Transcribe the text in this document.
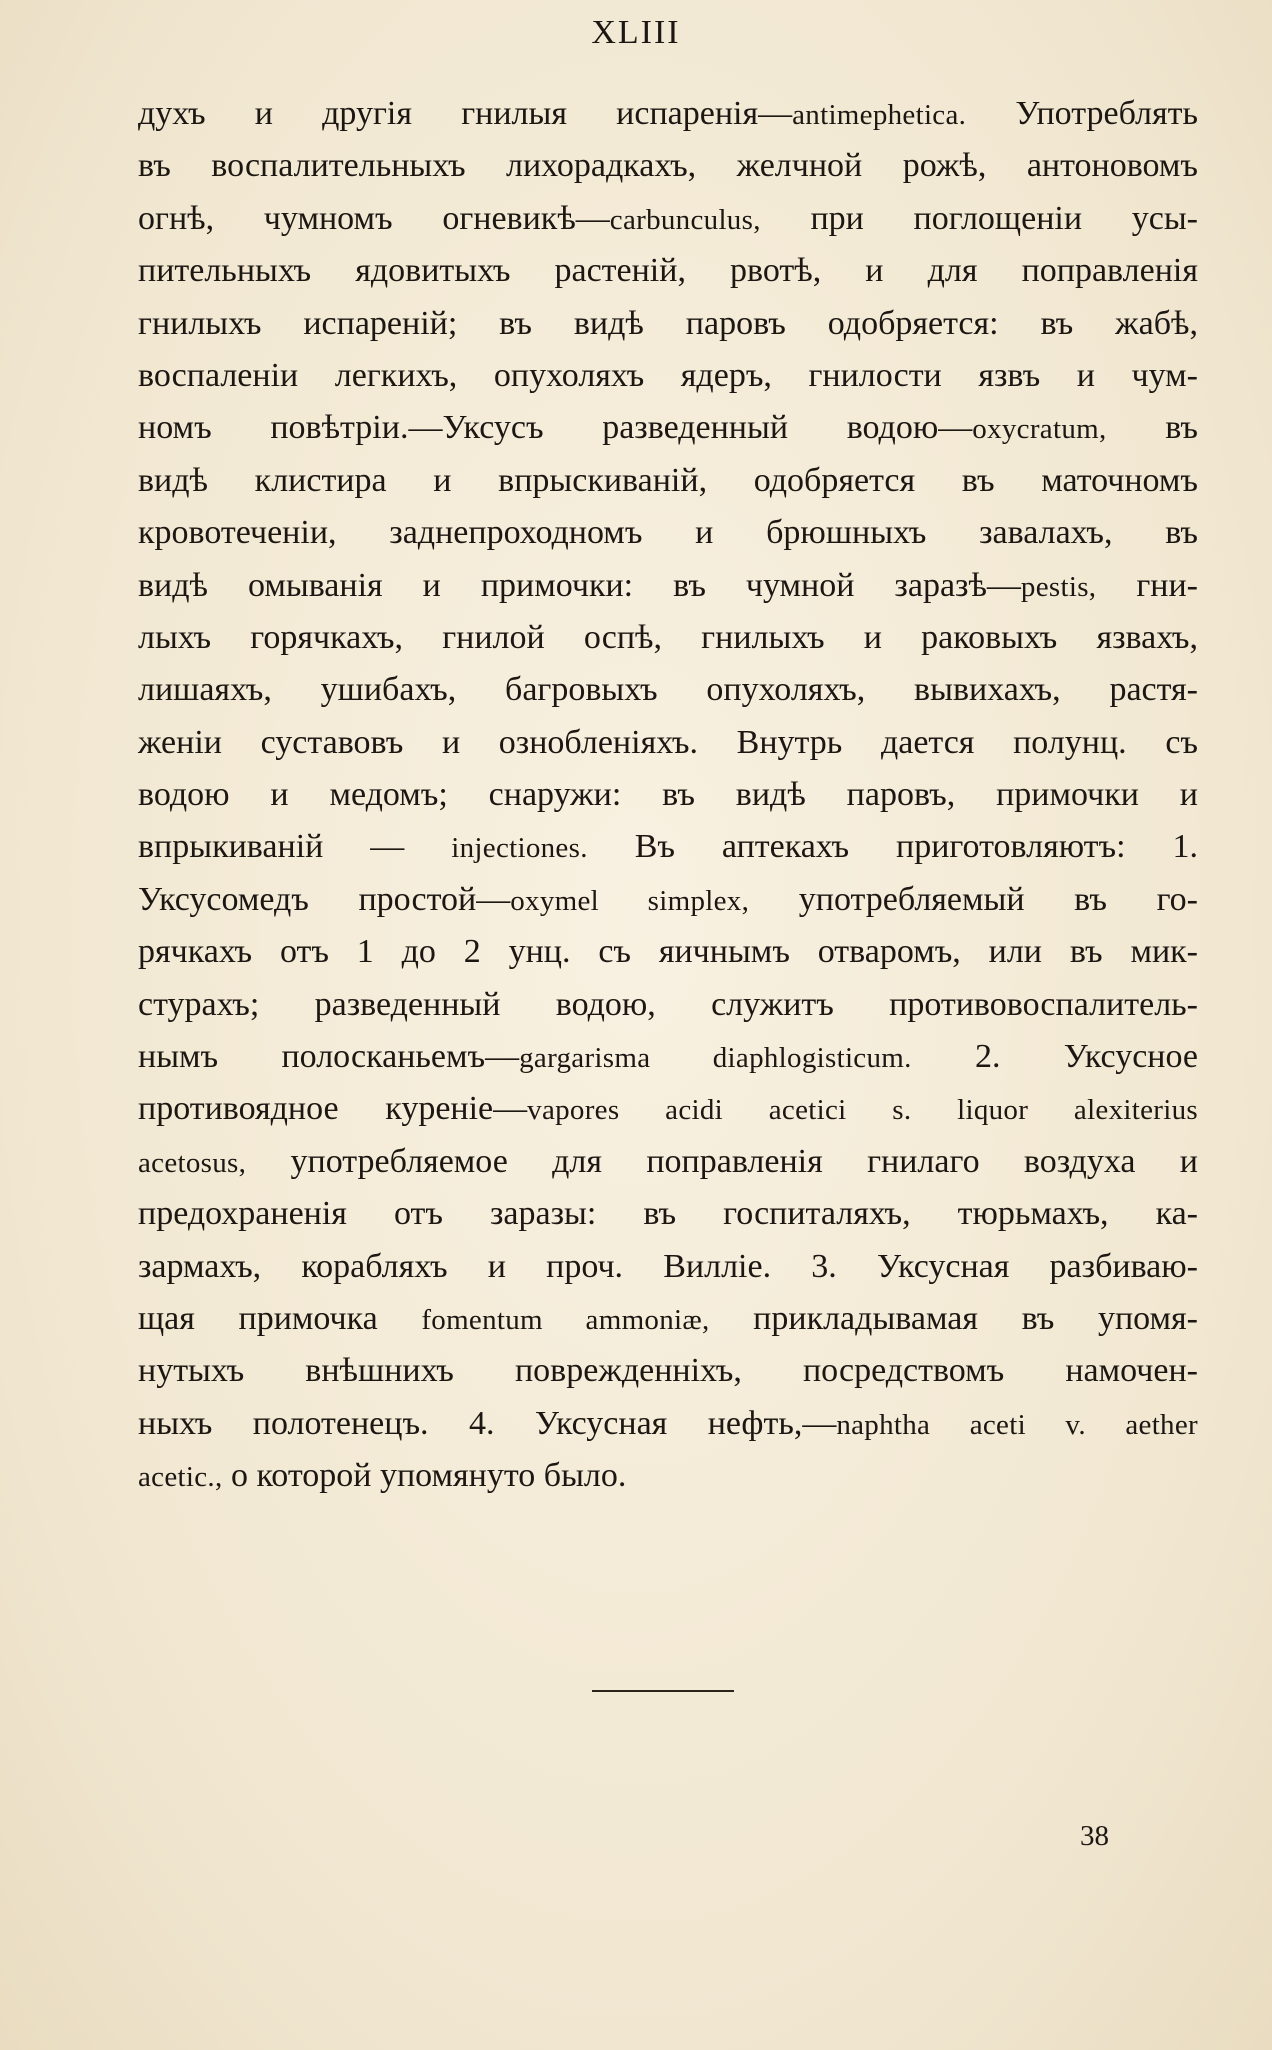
XLIII
духъ и другія гнилыя испаренія—antimephetica. Употреблять
въ воспалительныхъ лихорадкахъ, желчной рожѣ, антоновомъ
огнѣ, чумномъ огневикѣ—carbunculus, при поглощеніи усы-
пительныхъ ядовитыхъ растеній, рвотѣ, и для поправленія
гнилыхъ испареній; въ видѣ паровъ одобряется: въ жабѣ,
воспаленіи легкихъ, опухоляхъ ядеръ, гнилости язвъ и чум-
номъ повѣтріи.—Уксусъ разведенный водою—oxycratum, въ
видѣ клистира и впрыскиваній, одобряется въ маточномъ
кровотеченіи, заднепроходномъ и брюшныхъ завалахъ, въ
видѣ омыванія и примочки: въ чумной заразѣ—pestis, гни-
лыхъ горячкахъ, гнилой оспѣ, гнилыхъ и раковыхъ язвахъ,
лишаяхъ, ушибахъ, багровыхъ опухоляхъ, вывихахъ, растя-
женіи суставовъ и ознобленіяхъ. Внутрь дается полунц. съ
водою и медомъ; снаружи: въ видѣ паровъ, примочки и
впрыкиваній — injectiones. Въ аптекахъ приготовляютъ: 1.
Уксусомедъ простой—oxymel simplex, употребляемый въ го-
рячкахъ отъ 1 до 2 унц. съ яичнымъ отваромъ, или въ мик-
стурахъ; разведенный водою, служитъ противовоспалитель-
нымъ полосканьемъ—gargarisma diaphlogisticum. 2. Уксусное
противоядное куреніе—vapores acidi acetici s. liquor alexiterius
acetosus, употребляемое для поправленія гнилаго воздуха и
предохраненія отъ заразы: въ госпиталяхъ, тюрьмахъ, ка-
зармахъ, корабляхъ и проч. Вилліе. 3. Уксусная разбиваю-
щая примочка fomentum ammoniæ, прикладывамая въ упомя-
нутыхъ внѣшнихъ поврежденніхъ, посредствомъ намочен-
ныхъ полотенецъ. 4. Уксусная нефть,—naphtha aceti v. aether
acetic., о которой упомянуто было.
38
